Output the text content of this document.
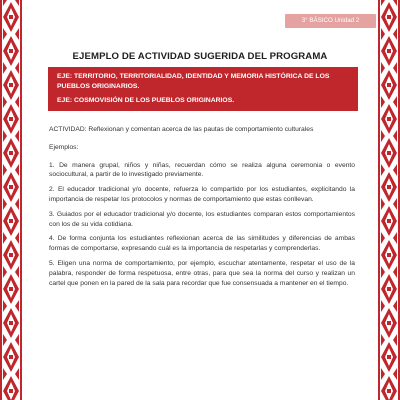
3° BÁSICO Unidad 2
EJEMPLO DE ACTIVIDAD SUGERIDA DEL PROGRAMA
EJE: TERRITORIO, TERRITORIALIDAD, IDENTIDAD Y MEMORIA HISTÓRICA DE LOS PUEBLOS ORIGINARIOS.
EJE: COSMOVISIÓN DE LOS PUEBLOS ORIGINARIOS.

ACTIVIDAD: Reflexionan y comentan acerca de las pautas de comportamiento culturales

Ejemplos:

1. De manera grupal, niños y niñas, recuerdan cómo se realiza alguna ceremonia o evento sociocultural, a partir de lo investigado previamente.

2. El educador tradicional y/o docente, refuerza lo compartido por los estudiantes, explicitando la importancia de respetar los protocolos y normas de comportamiento que estas conllevan.

3. Guiados por el educador tradicional y/o docente, los estudiantes comparan estos comportamientos con los de su vida cotidiana.

4. De forma conjunta los estudiantes reflexionan acerca de las similitudes y diferencias de ambas formas de comportarse, expresando cuál es la importancia de respetarlas y comprenderlas.

5. Eligen una norma de comportamiento, por ejemplo, escuchar atentamente, respetar el uso de la palabra, responder de forma respetuosa, entre otras, para que sea la norma del curso y realizan un cartel que ponen en la pared de la sala para recordar que fue consensuada a mantener en el tiempo.
